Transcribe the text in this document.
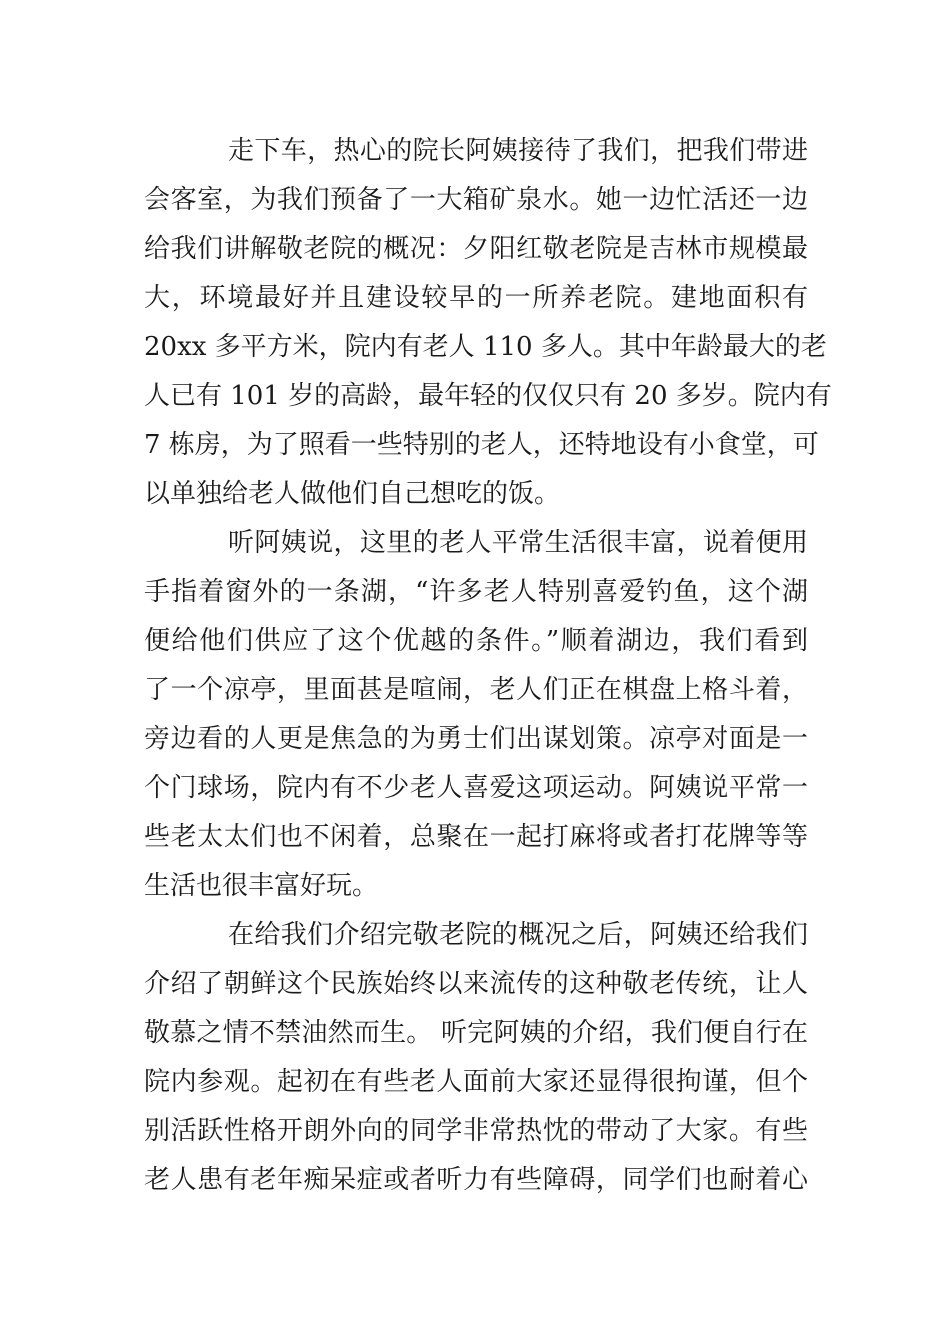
走下车，热心的院长阿姨接待了我们，把我们带进
会客室，为我们预备了一大箱矿泉水。她一边忙活还一边
给我们讲解敬老院的概况：夕阳红敬老院是吉林市规模最
大，环境最好并且建设较早的一所养老院。建地面积有
20xx 多平方米，院内有老人 110 多人。其中年龄最大的老
人已有 101 岁的高龄，最年轻的仅仅只有 20 多岁。院内有
7 栋房，为了照看一些特别的老人，还特地设有小食堂，可
以单独给老人做他们自己想吃的饭。
听阿姨说，这里的老人平常生活很丰富，说着便用
手指着窗外的一条湖，“许多老人特别喜爱钓鱼，这个湖
便给他们供应了这个优越的条件。”顺着湖边，我们看到
了一个凉亭，里面甚是喧闹，老人们正在棋盘上格斗着，
旁边看的人更是焦急的为勇士们出谋划策。凉亭对面是一
个门球场，院内有不少老人喜爱这项运动。阿姨说平常一
些老太太们也不闲着，总聚在一起打麻将或者打花牌等等
生活也很丰富好玩。
在给我们介绍完敬老院的概况之后，阿姨还给我们
介绍了朝鲜这个民族始终以来流传的这种敬老传统，让人
敬慕之情不禁油然而生。 听完阿姨的介绍，我们便自行在
院内参观。起初在有些老人面前大家还显得很拘谨，但个
别活跃性格开朗外向的同学非常热忱的带动了大家。有些
老人患有老年痴呆症或者听力有些障碍，同学们也耐着心
